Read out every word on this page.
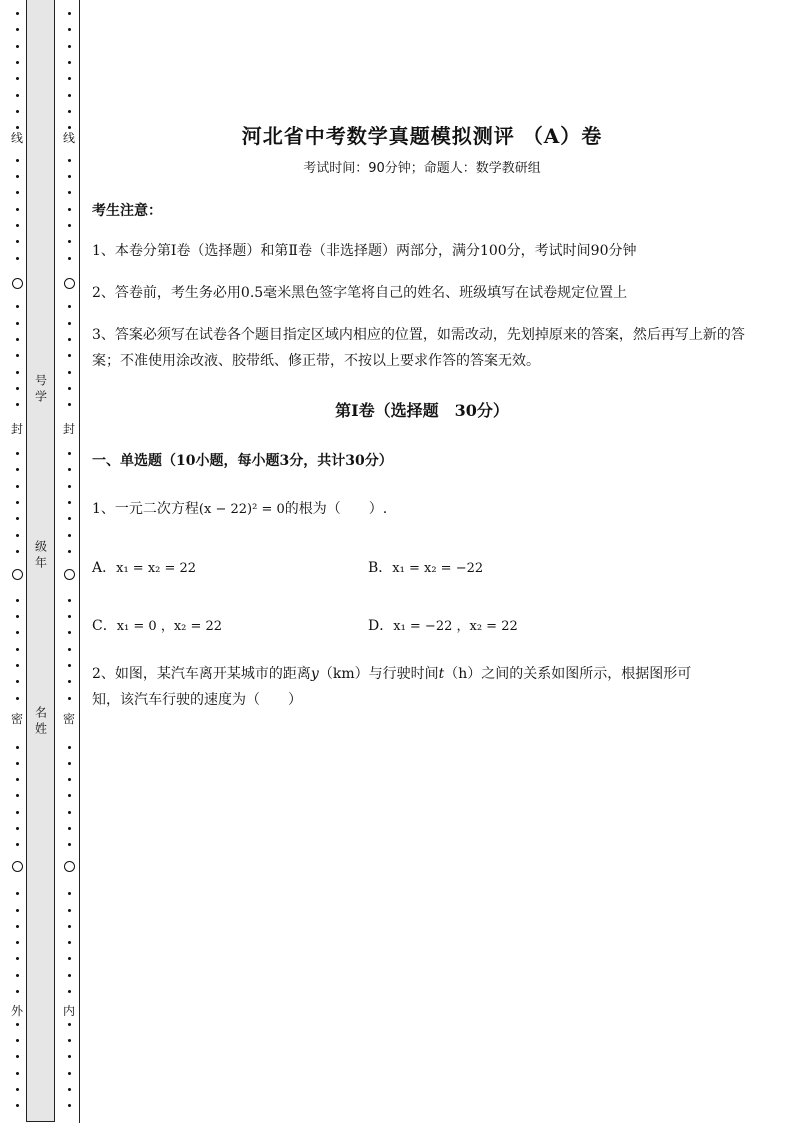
线
封
密
外
号学
级年
名姓
线
封
密
内
河北省中考数学真题模拟测评 （A）卷
考试时间：90分钟；命题人：数学教研组
考生注意：
1、本卷分第Ⅰ卷（选择题）和第Ⅱ卷（非选择题）两部分，满分100分，考试时间90分钟
2、答卷前，考生务必用0.5毫米黑色签字笔将自己的姓名、班级填写在试卷规定位置上
3、答案必须写在试卷各个题目指定区域内相应的位置，如需改动，先划掉原来的答案，然后再写上新的答案；不准使用涂改液、胶带纸、修正带，不按以上要求作答的答案无效。
第Ⅰ卷（选择题　30分）
一、单选题（10小题，每小题3分，共计30分）
1、一元二次方程(x − 22)² = 0的根为（　　）.
A．x₁ = x₂ = 22	B．x₁ = x₂ = −22
C．x₁ = 0 ，x₂ = 22	D．x₁ = −22 ，x₂ = 22
2、如图，某汽车离开某城市的距离y（km）与行驶时间t（h）之间的关系如图所示，根据图形可
知，该汽车行驶的速度为（　　）
